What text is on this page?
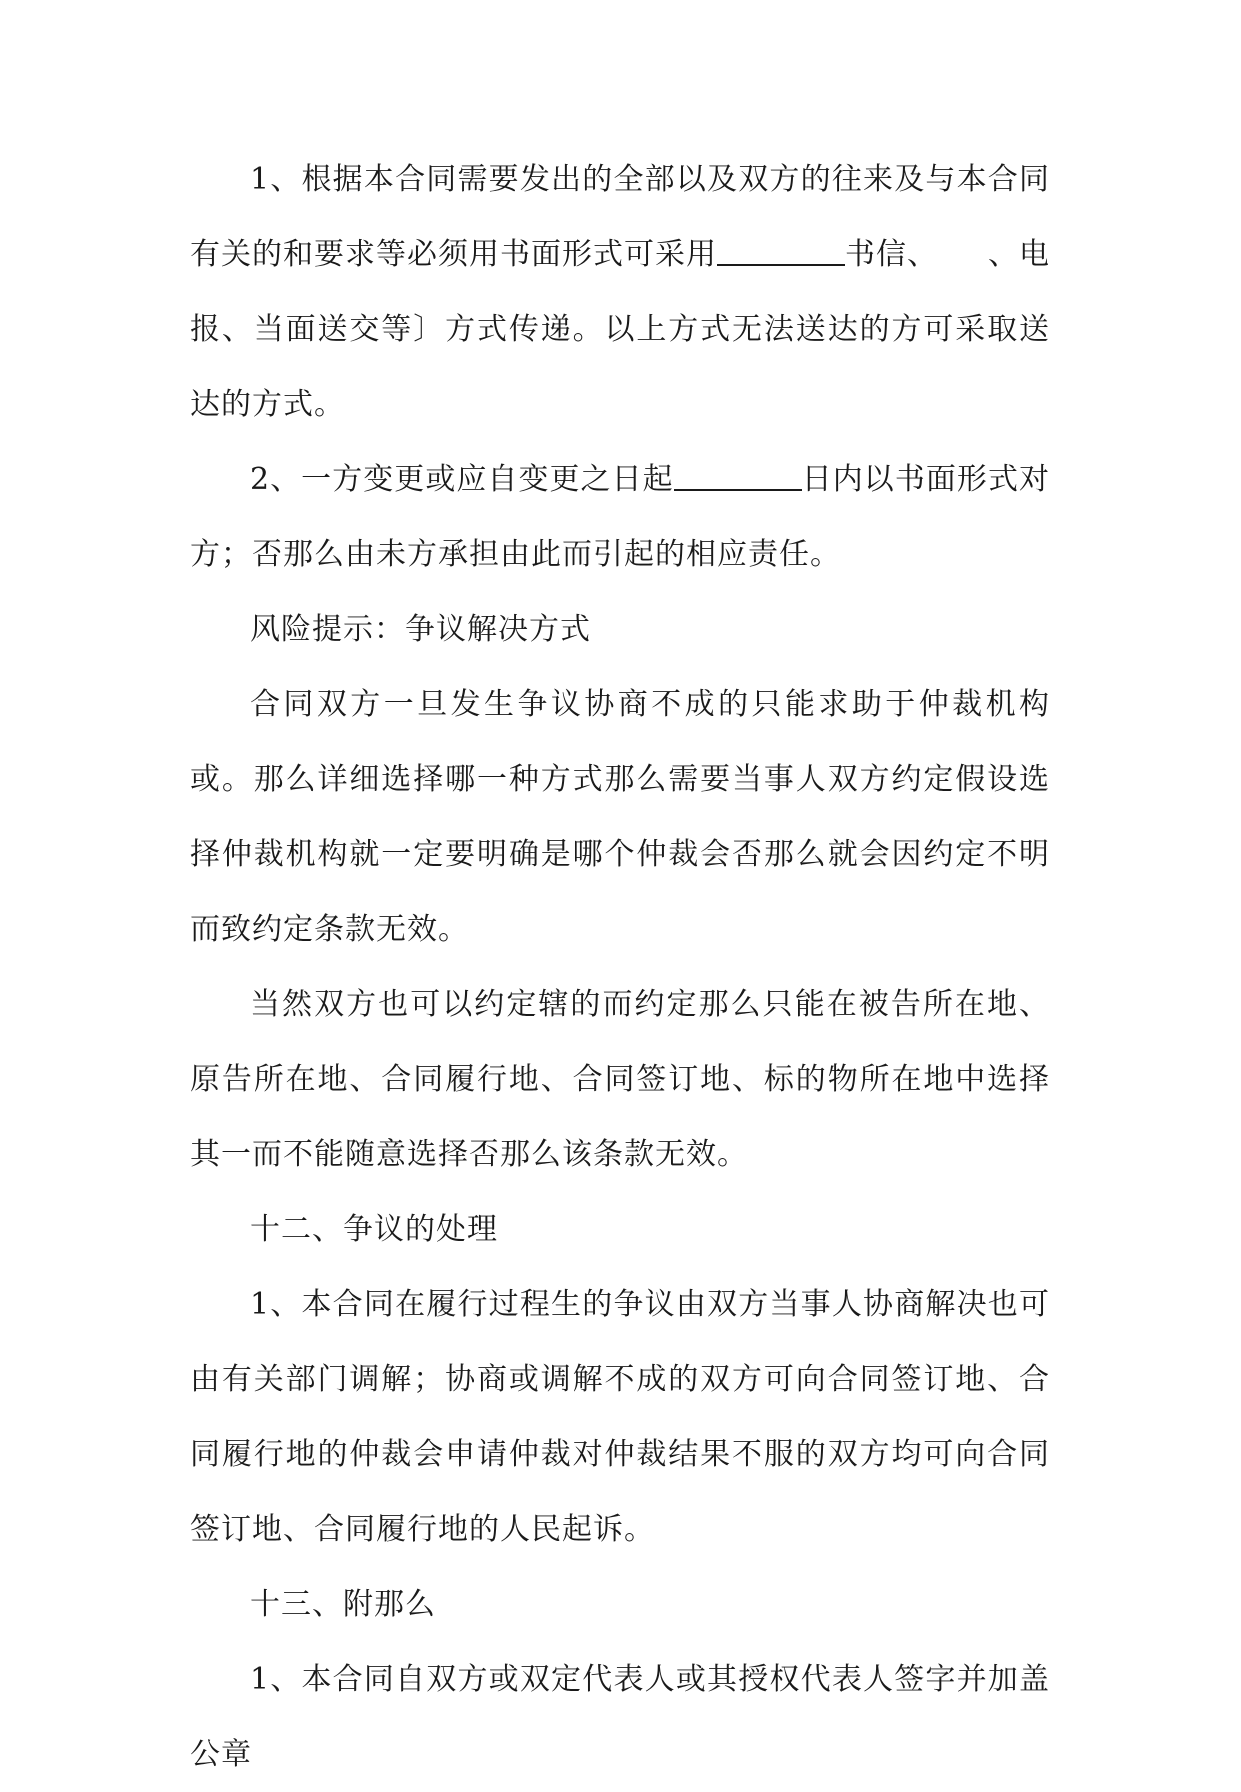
1、根据本合同需要发出的全部以及双方的往来及与本合同有关的和要求等必须用书面形式可采用	书信、 、电报、当面送交等〕方式传递。以上方式无法送达的方可采取送达的方式。

2、一方变更或应自变更之日起	日内以书面形式对方；否那么由未方承担由此而引起的相应责任。

风险提示：争议解决方式

合同双方一旦发生争议协商不成的只能求助于仲裁机构或。那么详细选择哪一种方式那么需要当事人双方约定假设选择仲裁机构就一定要明确是哪个仲裁会否那么就会因约定不明而致约定条款无效。

当然双方也可以约定辖的而约定那么只能在被告所在地、原告所在地、合同履行地、合同签订地、标的物所在地中选择其一而不能随意选择否那么该条款无效。

十二、争议的处理

1、本合同在履行过程生的争议由双方当事人协商解决也可由有关部门调解；协商或调解不成的双方可向合同签订地、合同履行地的仲裁会申请仲裁对仲裁结果不服的双方均可向合同签订地、合同履行地的人民起诉。

十三、附那么

1、本合同自双方或双定代表人或其授权代表人签字并加盖公章
